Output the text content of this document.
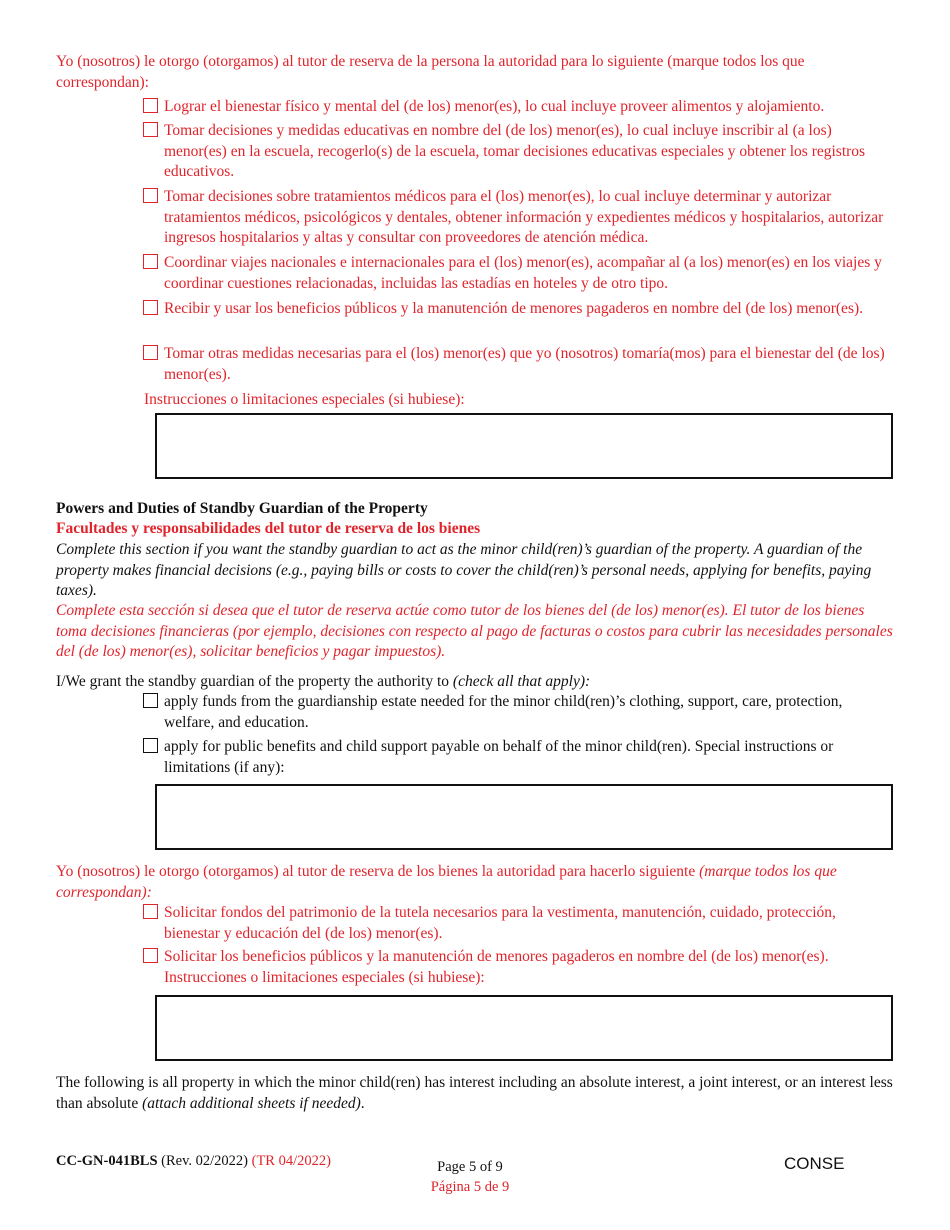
Yo (nosotros) le otorgo (otorgamos) al tutor de reserva de la persona la autoridad para lo siguiente (marque todos los que correspondan):

Lograr el bienestar físico y mental del (de los) menor(es), lo cual incluye proveer alimentos y alojamiento.
Tomar decisiones y medidas educativas en nombre del (de los) menor(es), lo cual incluye inscribir al (a los) menor(es) en la escuela, recogerlo(s) de la escuela, tomar decisiones educativas especiales y obtener los registros educativos.
Tomar decisiones sobre tratamientos médicos para el (los) menor(es), lo cual incluye determinar y autorizar tratamientos médicos, psicológicos y dentales, obtener información y expedientes médicos y hospitalarios, autorizar ingresos hospitalarios y altas y consultar con proveedores de atención médica.
Coordinar viajes nacionales e internacionales para el (los) menor(es), acompañar al (a los) menor(es) en los viajes y coordinar cuestiones relacionadas, incluidas las estadías en hoteles y de otro tipo.
Recibir y usar los beneficios públicos y la manutención de menores pagaderos en nombre del (de los) menor(es).
Tomar otras medidas necesarias para el (los) menor(es) que yo (nosotros) tomaría(mos) para el bienestar del (de los) menor(es).

Instrucciones o limitaciones especiales (si hubiese):

Powers and Duties of Standby Guardian of the Property

Facultades y responsabilidades del tutor de reserva de los bienes

Complete this section if you want the standby guardian to act as the minor child(ren)’s guardian of the property. A guardian of the property makes financial decisions (e.g., paying bills or costs to cover the child(ren)’s personal needs, applying for benefits, paying taxes).

Complete esta sección si desea que el tutor de reserva actúe como tutor de los bienes del (de los) menor(es). El tutor de los bienes toma decisiones financieras (por ejemplo, decisiones con respecto al pago de facturas o costos para cubrir las necesidades personales del (de los) menor(es), solicitar beneficios y pagar impuestos).

I/We grant the standby guardian of the property the authority to (check all that apply):

apply funds from the guardianship estate needed for the minor child(ren)’s clothing, support, care, protection, welfare, and education.
apply for public benefits and child support payable on behalf of the minor child(ren). Special instructions or limitations (if any):

Yo (nosotros) le otorgo (otorgamos) al tutor de reserva de los bienes la autoridad para hacerlo siguiente (marque todos los que correspondan):

Solicitar fondos del patrimonio de la tutela necesarios para la vestimenta, manutención, cuidado, protección, bienestar y educación del (de los) menor(es).
Solicitar los beneficios públicos y la manutención de menores pagaderos en nombre del (de los) menor(es). Instrucciones o limitaciones especiales (si hubiese):

The following is all property in which the minor child(ren) has interest including an absolute interest, a joint interest, or an interest less than absolute (attach additional sheets if needed).

CC-GN-041BLS (Rev. 02/2022) (TR 04/2022)	Page 5 of 9

Página 5 de 9

CONSE
